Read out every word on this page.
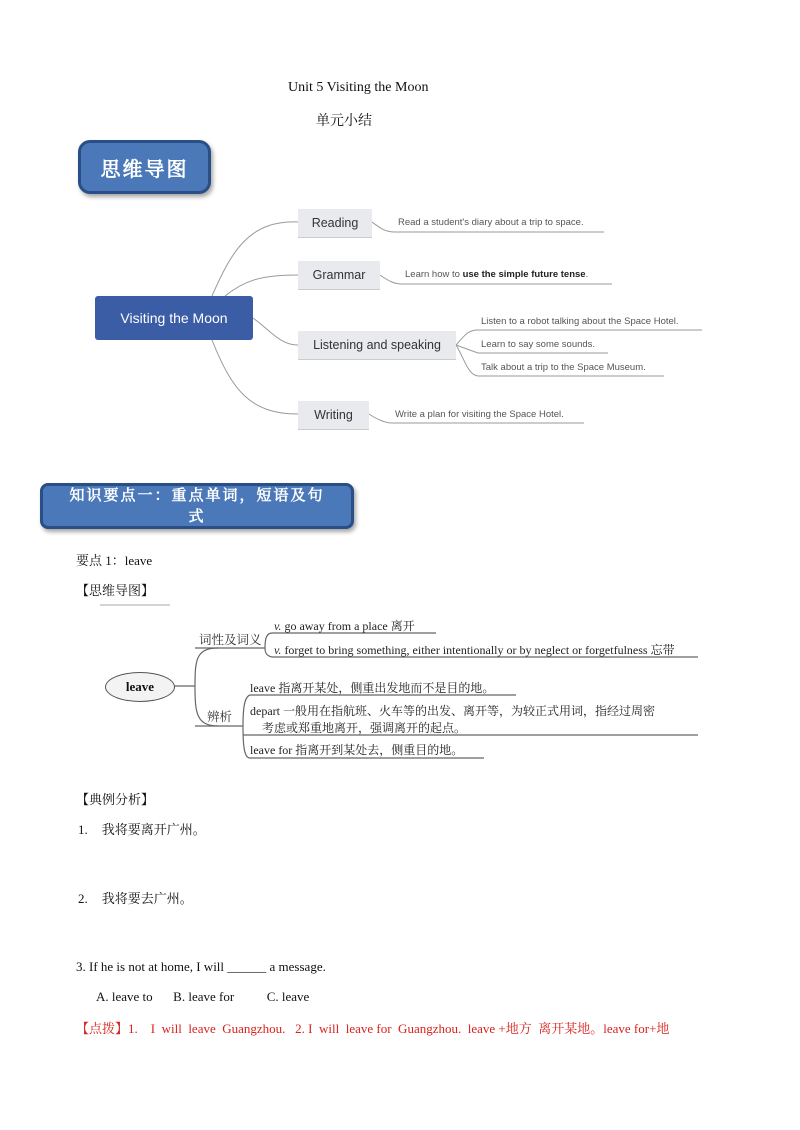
Unit 5 Visiting the Moon
单元小结
思维导图
Visiting the Moon
Reading
Grammar
Listening and speaking
Writing
Read a student's diary about a trip to space.
Learn how to use the simple future tense.
Listen to a robot talking about the Space Hotel.
Learn to say some sounds.
Talk about a trip to the Space Museum.
Write a plan for visiting the Space Hotel.
知识要点一：重点单词，短语及句
式
要点 1：leave
【思维导图】
leave
词性及词义
辨析
v. go away from a place 离开
v. forget to bring something, either intentionally or by neglect or forgetfulness 忘带
leave 指离开某处，侧重出发地而不是目的地。
depart 一般用在指航班、火车等的出发、离开等，为较正式用词，指经过周密
考虑或郑重地离开，强调离开的起点。
leave for 指离开到某处去，侧重目的地。
【典例分析】
1. 我将要离开广州。
2. 我将要去广州。
3. If he is not at home, I will ______ a message.
A. leave to B. leave for	C. leave
【点拨】1.    I  will  leave  Guangzhou.   2. I  will  leave for  Guangzhou.  leave +地方  离开某地。leave for+地
